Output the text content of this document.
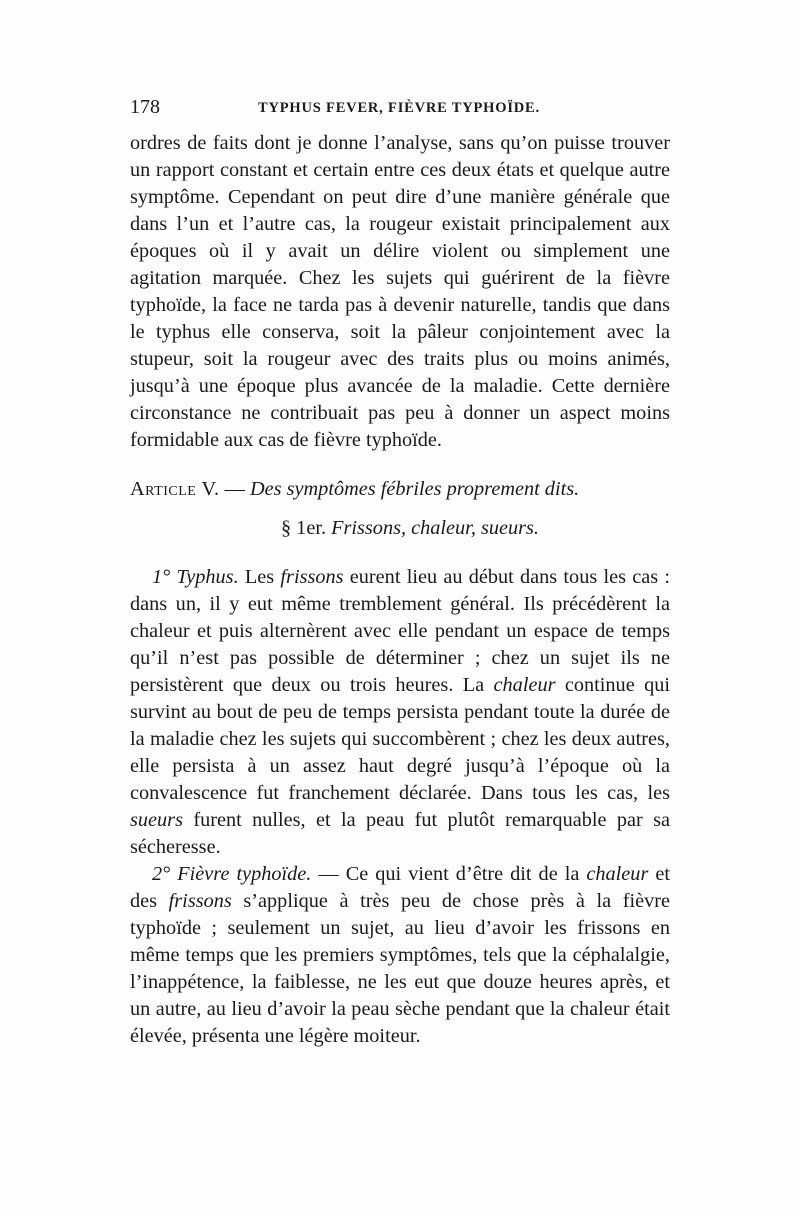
178	TYPHUS FEVER, FIÈVRE TYPHOÏDE.

ordres de faits dont je donne l’analyse, sans qu’on puisse trouver un rapport constant et certain entre ces deux états et quelque autre symptôme. Cependant on peut dire d’une manière générale que dans l’un et l’autre cas, la rougeur existait principalement aux époques où il y avait un délire violent ou simplement une agitation marquée. Chez les sujets qui guérirent de la fièvre typhoïde, la face ne tarda pas à devenir naturelle, tandis que dans le typhus elle conserva, soit la pâleur conjointement avec la stupeur, soit la rougeur avec des traits plus ou moins animés, jusqu’à une époque plus avancée de la maladie. Cette dernière circonstance ne contribuait pas peu à donner un aspect moins formidable aux cas de fièvre typhoïde.

Article V. — Des symptômes fébriles proprement dits.
§ 1er. Frissons, chaleur, sueurs.

1° Typhus. Les frissons eurent lieu au début dans tous les cas : dans un, il y eut même tremblement général. Ils précédèrent la chaleur et puis alternèrent avec elle pendant un espace de temps qu’il n’est pas possible de déterminer ; chez un sujet ils ne persistèrent que deux ou trois heures. La chaleur continue qui survint au bout de peu de temps persista pendant toute la durée de la maladie chez les sujets qui succombèrent ; chez les deux autres, elle persista à un assez haut degré jusqu’à l’époque où la convalescence fut franchement déclarée. Dans tous les cas, les sueurs furent nulles, et la peau fut plutôt remarquable par sa sécheresse.

2° Fièvre typhoïde. — Ce qui vient d’être dit de la chaleur et des frissons s’applique à très peu de chose près à la fièvre typhoïde ; seulement un sujet, au lieu d’avoir les frissons en même temps que les premiers symptômes, tels que la céphalalgie, l’inappétence, la faiblesse, ne les eut que douze heures après, et un autre, au lieu d’avoir la peau sèche pendant que la chaleur était élevée, présenta une légère moiteur.
